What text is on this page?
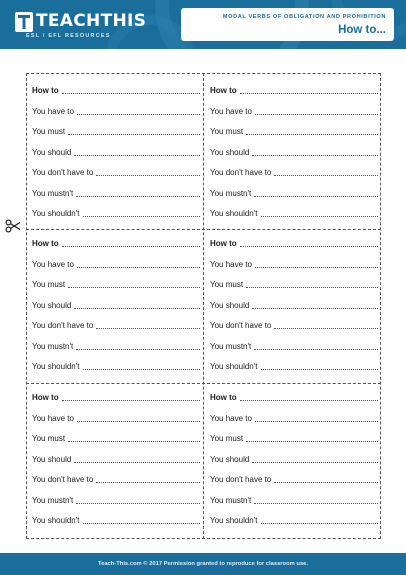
TEACHTHIS
ESL / EFL RESOURCES
MODAL VERBS OF OBLIGATION AND PROHIBITION
How to...
How to
You have to
You must
You should
You don't have to
You mustn't
You shouldn't
How to
You have to
You must
You should
You don't have to
You mustn't
You shouldn't
How to
You have to
You must
You should
You don't have to
You mustn't
You shouldn't
How to
You have to
You must
You should
You don't have to
You mustn't
You shouldn't
How to
You have to
You must
You should
You don't have to
You mustn't
You shouldn't
How to
You have to
You must
You should
You don't have to
You mustn't
You shouldn't
Teach-This.com © 2017 Permission granted to reproduce for classroom use.
